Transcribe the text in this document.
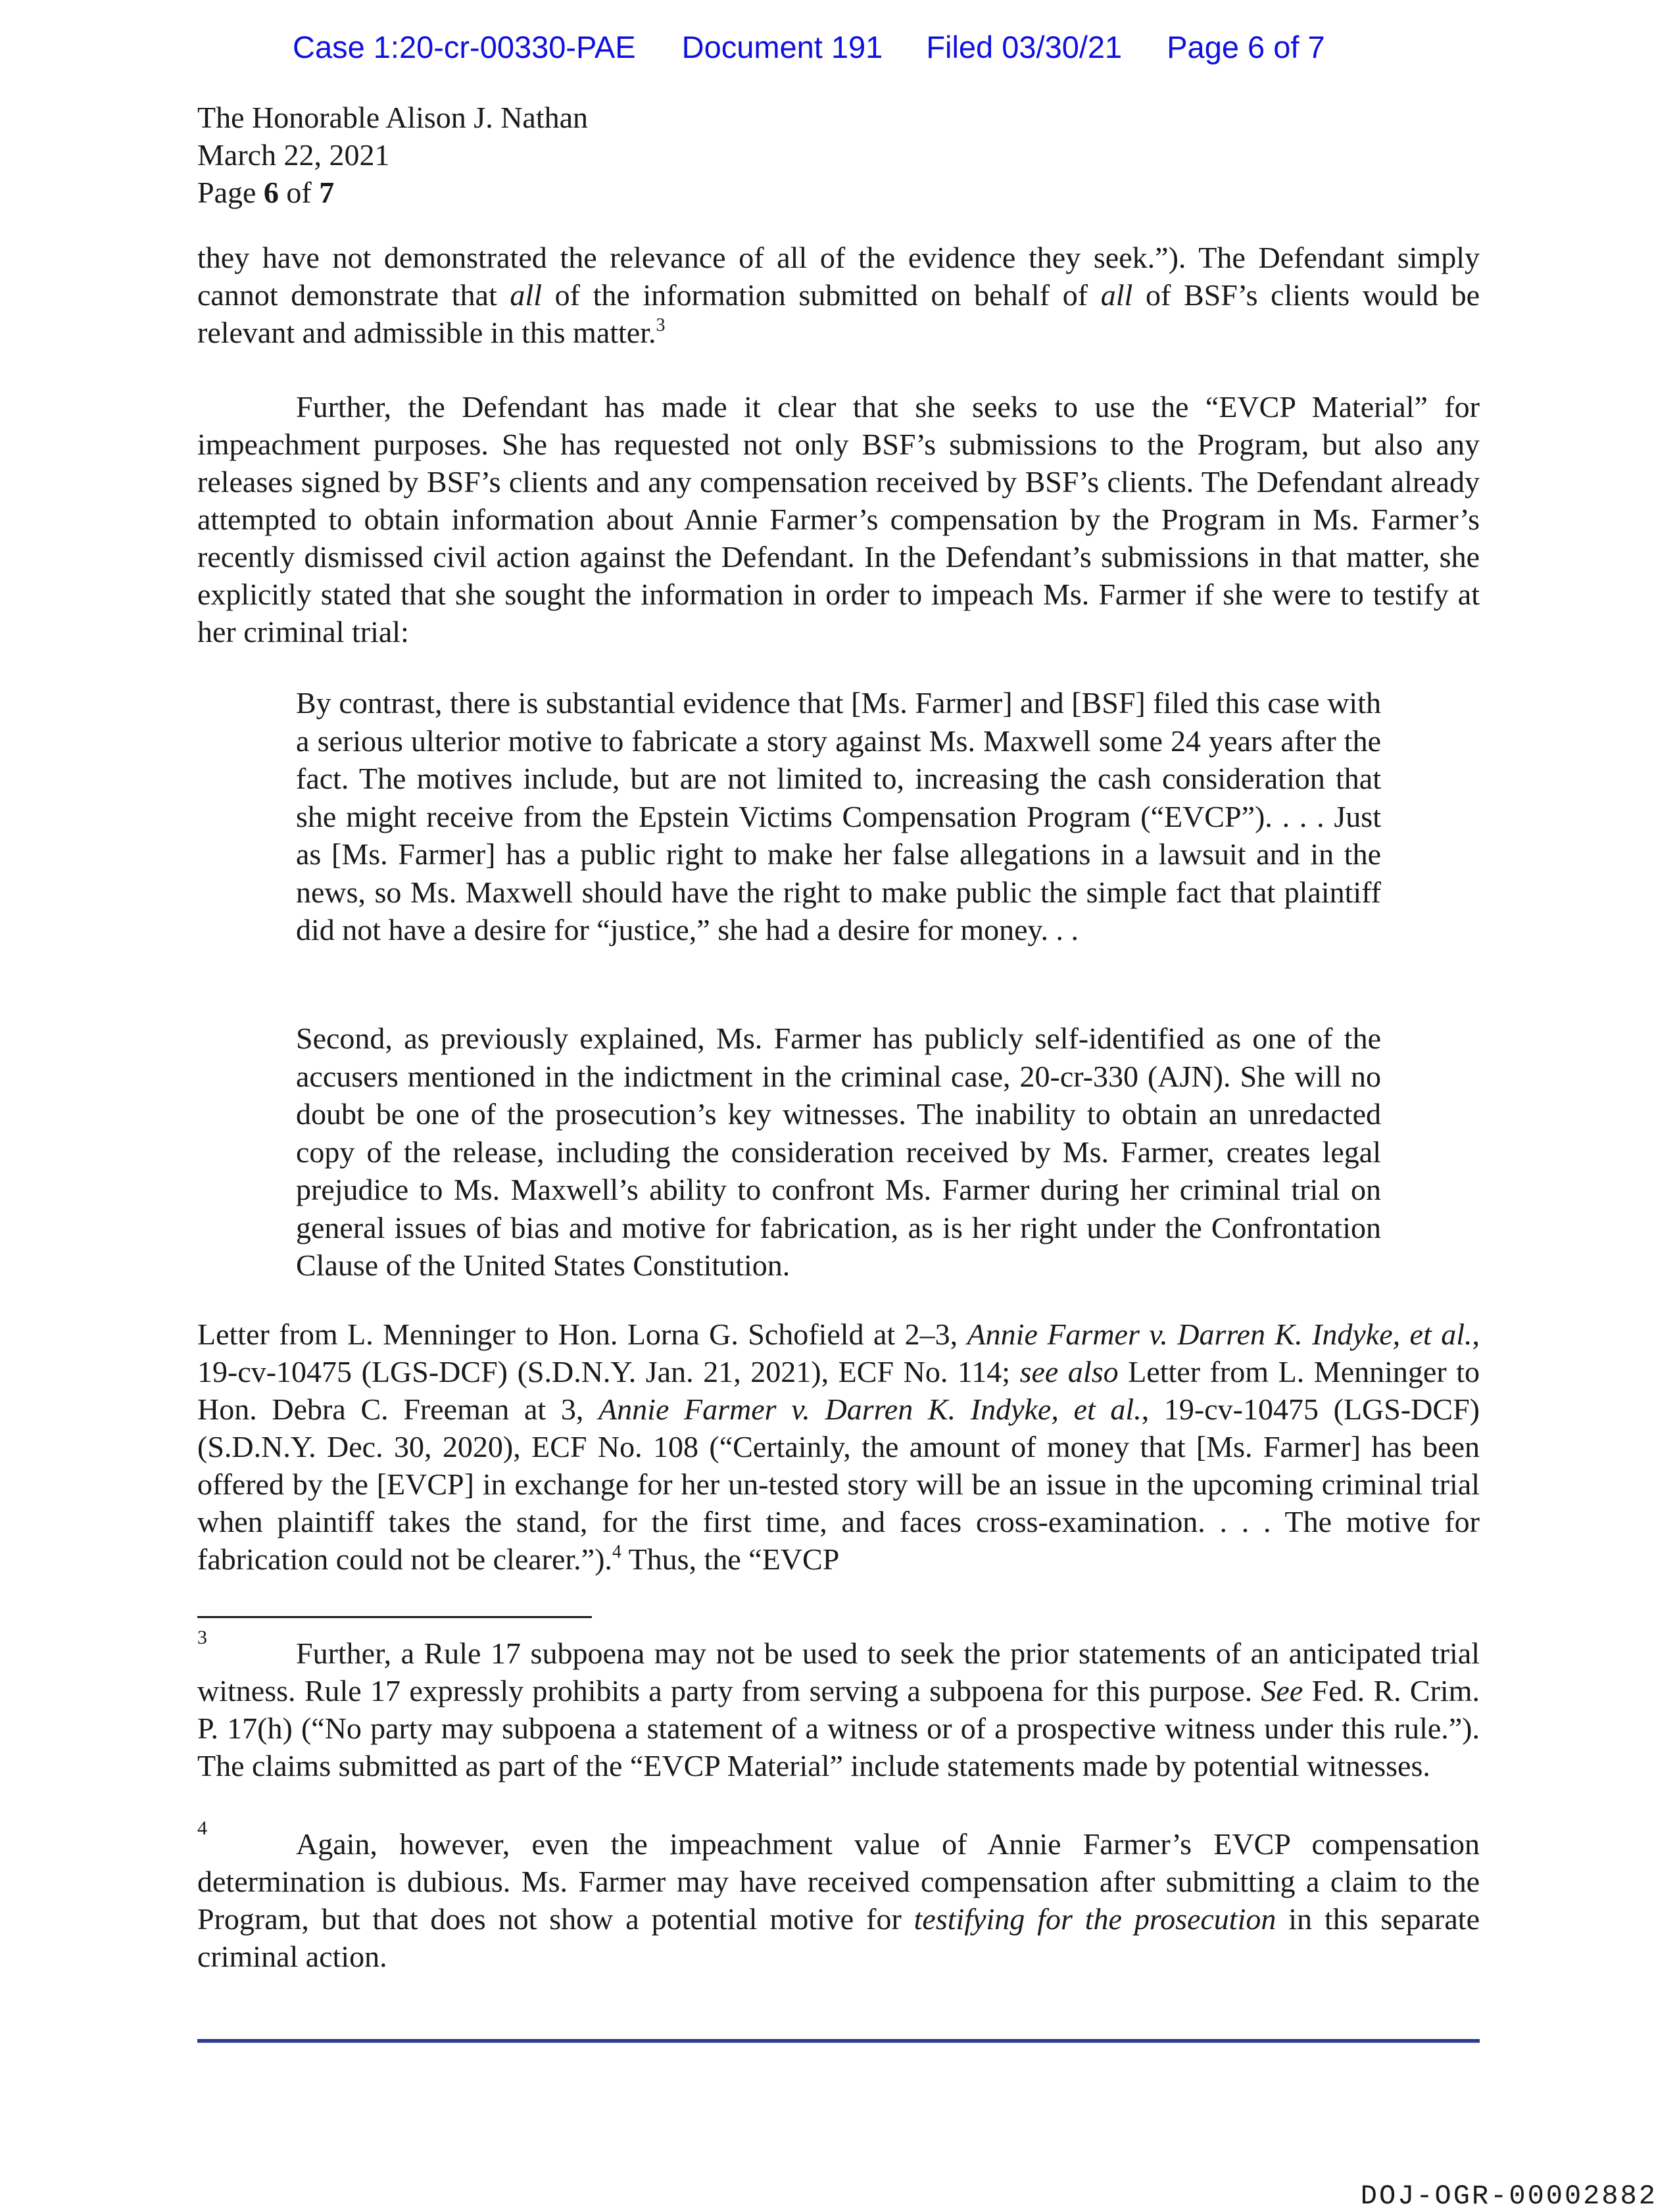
Case 1:20-cr-00330-PAE Document 191 Filed 03/30/21 Page 6 of 7
The Honorable Alison J. Nathan
March 22, 2021
Page 6 of 7

they have not demonstrated the relevance of all of the evidence they seek.”). The Defendant simply cannot demonstrate that all of the information submitted on behalf of all of BSF’s clients would be relevant and admissible in this matter.$^3$

Further, the Defendant has made it clear that she seeks to use the “EVCP Material” for impeachment purposes. She has requested not only BSF’s submissions to the Program, but also any releases signed by BSF’s clients and any compensation received by BSF’s clients. The Defendant already attempted to obtain information about Annie Farmer’s compensation by the Program in Ms. Farmer’s recently dismissed civil action against the Defendant. In the Defendant’s submissions in that matter, she explicitly stated that she sought the information in order to impeach Ms. Farmer if she were to testify at her criminal trial:

By contrast, there is substantial evidence that [Ms. Farmer] and [BSF] filed this case with a serious ulterior motive to fabricate a story against Ms. Maxwell some 24 years after the fact. The motives include, but are not limited to, increasing the cash consideration that she might receive from the Epstein Victims Compensation Program (“EVCP”). . . . Just as [Ms. Farmer] has a public right to make her false allegations in a lawsuit and in the news, so Ms. Maxwell should have the right to make public the simple fact that plaintiff did not have a desire for “justice,” she had a desire for money. . .

Second, as previously explained, Ms. Farmer has publicly self-identified as one of the accusers mentioned in the indictment in the criminal case, 20-cr-330 (AJN). She will no doubt be one of the prosecution’s key witnesses. The inability to obtain an unredacted copy of the release, including the consideration received by Ms. Farmer, creates legal prejudice to Ms. Maxwell’s ability to confront Ms. Farmer during her criminal trial on general issues of bias and motive for fabrication, as is her right under the Confrontation Clause of the United States Constitution.

Letter from L. Menninger to Hon. Lorna G. Schofield at 2–3, Annie Farmer v. Darren K. Indyke, et al., 19-cv-10475 (LGS-DCF) (S.D.N.Y. Jan. 21, 2021), ECF No. 114; see also Letter from L. Menninger to Hon. Debra C. Freeman at 3, Annie Farmer v. Darren K. Indyke, et al., 19-cv-10475 (LGS-DCF) (S.D.N.Y. Dec. 30, 2020), ECF No. 108 (“Certainly, the amount of money that [Ms. Farmer] has been offered by the [EVCP] in exchange for her un-tested story will be an issue in the upcoming criminal trial when plaintiff takes the stand, for the first time, and faces cross-examination. . . . The motive for fabrication could not be clearer.”).$^4$ Thus, the “EVCP

3	Further, a Rule 17 subpoena may not be used to seek the prior statements of an anticipated trial witness. Rule 17 expressly prohibits a party from serving a subpoena for this purpose. See Fed. R. Crim. P. 17(h) (“No party may subpoena a statement of a witness or of a prospective witness under this rule.”). The claims submitted as part of the “EVCP Material” include statements made by potential witnesses.

4	Again, however, even the impeachment value of Annie Farmer’s EVCP compensation determination is dubious. Ms. Farmer may have received compensation after submitting a claim to the Program, but that does not show a potential motive for testifying for the prosecution in this separate criminal action.

DOJ-OGR-00002882
